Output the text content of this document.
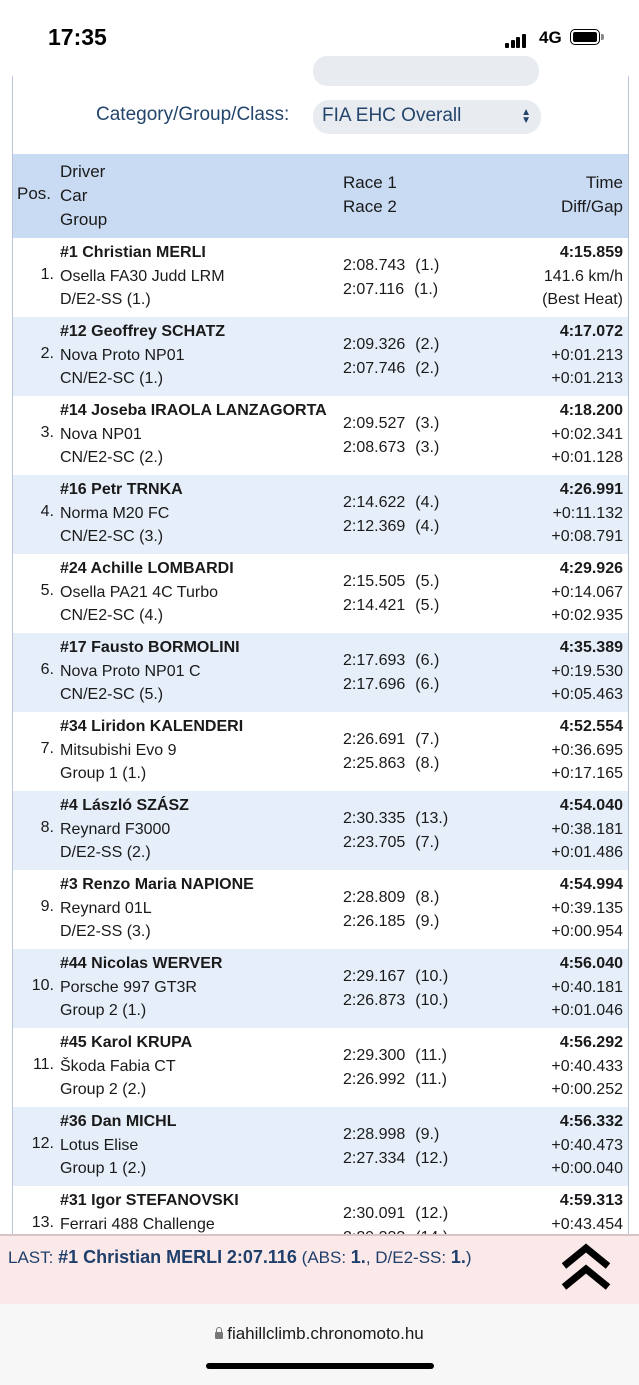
17:35	4G
Category/Group/Class: FIA EHC Overall	▲
▼
Pos.
Driver
Car
Group
Race 1
Race 2
Time
Diff/Gap
1.
#1 Christian MERLI
Osella FA30 Judd LRM
D/E2-SS (1.)
2:08.743 (1.)
2:07.116 (1.)
4:15.859
141.6 km/h
(Best Heat)
2.
#12 Geoffrey SCHATZ
Nova Proto NP01
CN/E2-SC (1.)
2:09.326 (2.)
2:07.746 (2.)
4:17.072
+0:01.213
+0:01.213
3.
#14 Joseba IRAOLA LANZAGORTA
Nova NP01
CN/E2-SC (2.)
2:09.527 (3.)
2:08.673 (3.)
4:18.200
+0:02.341
+0:01.128
4.
#16 Petr TRNKA
Norma M20 FC
CN/E2-SC (3.)
2:14.622 (4.)
2:12.369 (4.)
4:26.991
+0:11.132
+0:08.791
5.
#24 Achille LOMBARDI
Osella PA21 4C Turbo
CN/E2-SC (4.)
2:15.505 (5.)
2:14.421 (5.)
4:29.926
+0:14.067
+0:02.935
6.
#17 Fausto BORMOLINI
Nova Proto NP01 C
CN/E2-SC (5.)
2:17.693 (6.)
2:17.696 (6.)
4:35.389
+0:19.530
+0:05.463
7.
#34 Liridon KALENDERI
Mitsubishi Evo 9
Group 1 (1.)
2:26.691 (7.)
2:25.863 (8.)
4:52.554
+0:36.695
+0:17.165
8.
#4 László SZÁSZ
Reynard F3000
D/E2-SS (2.)
2:30.335 (13.)
2:23.705 (7.)
4:54.040
+0:38.181
+0:01.486
9.
#3 Renzo Maria NAPIONE
Reynard 01L
D/E2-SS (3.)
2:28.809 (8.)
2:26.185 (9.)
4:54.994
+0:39.135
+0:00.954
10.
#44 Nicolas WERVER
Porsche 997 GT3R
Group 2 (1.)
2:29.167 (10.)
2:26.873 (10.)
4:56.040
+0:40.181
+0:01.046
11.
#45 Karol KRUPA
Škoda Fabia CT
Group 2 (2.)
2:29.300 (11.)
2:26.992 (11.)
4:56.292
+0:40.433
+0:00.252
12.
#36 Dan MICHL
Lotus Elise
Group 1 (2.)
2:28.998 (9.)
2:27.334 (12.)
4:56.332
+0:40.473
+0:00.040
13.
#31 Igor STEFANOVSKI
Ferrari 488 Challenge
2:30.091 (12.)
4:59.313
+0:43.454
LAST: #1 Christian MERLI 2:07.116 (ABS: 1., D/E2-SS: 1.)
fiahillclimb.chronomoto.hu
